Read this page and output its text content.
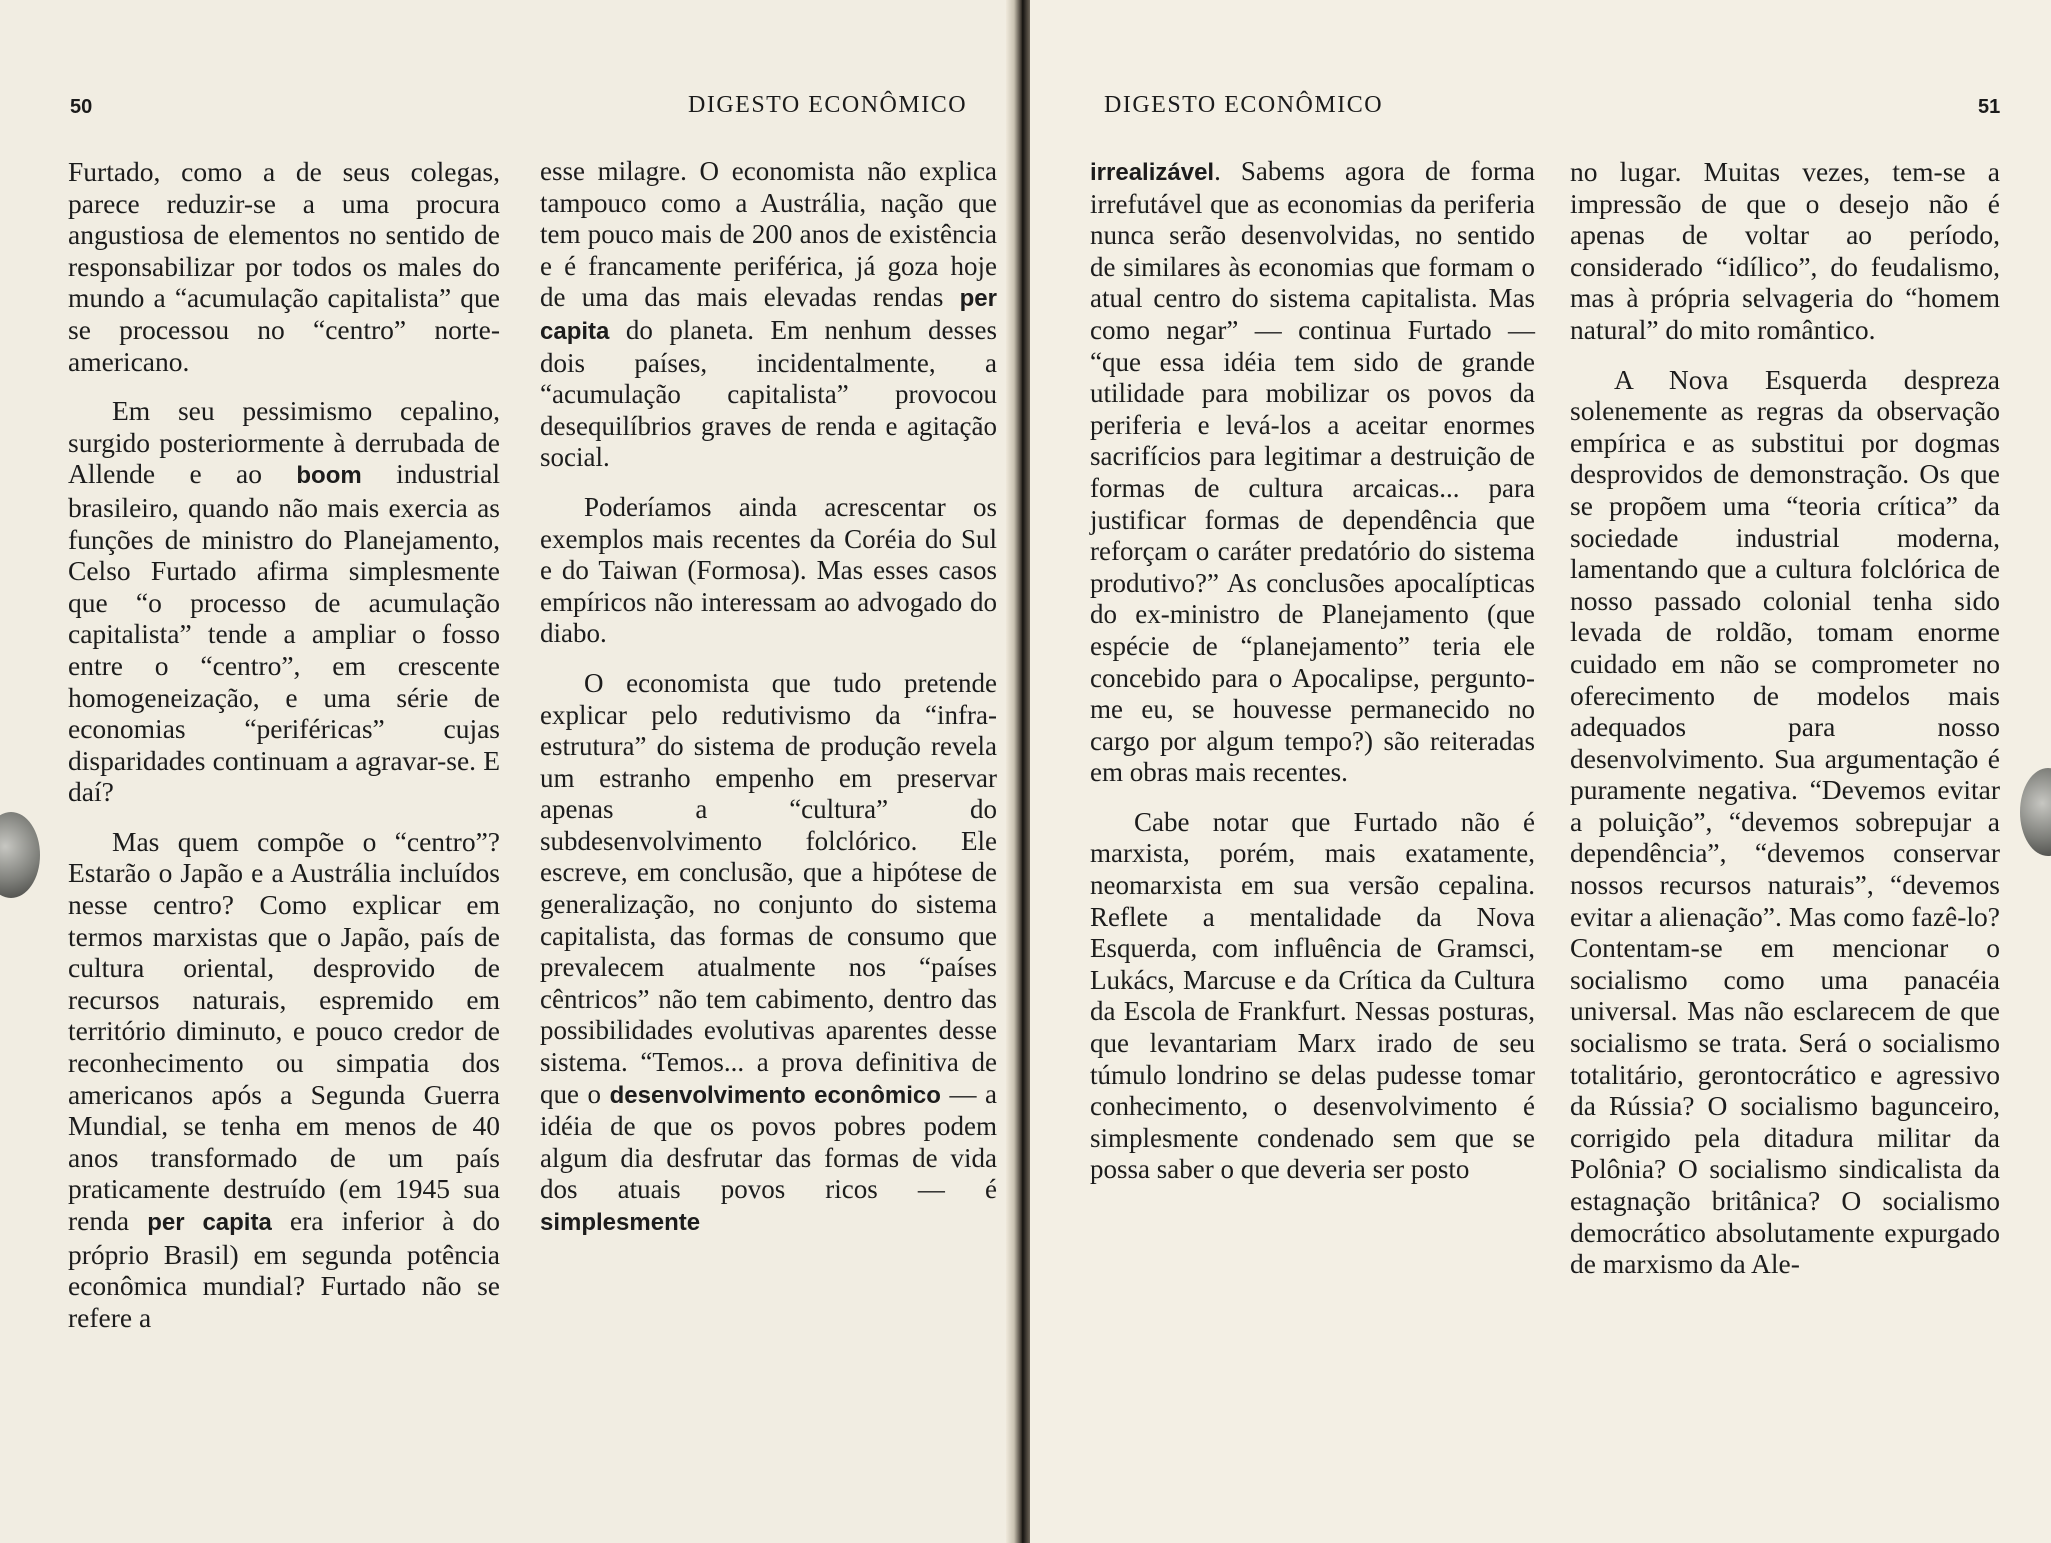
50	DIGESTO ECONÔMICO

Furtado, como a de seus colegas, parece reduzir-se a uma procura angustiosa de elementos no sentido de responsabilizar por todos os males do mundo a “acumulação capitalista” que se processou no “centro” norte-americano.

Em seu pessimismo cepalino, surgido posteriormente à derrubada de Allende e ao boom industrial brasileiro, quando não mais exercia as funções de ministro do Planejamento, Celso Furtado afirma simplesmente que “o processo de acumulação capitalista” tende a ampliar o fosso entre o “centro”, em crescente homogeneização, e uma série de economias “periféricas” cujas disparidades continuam a agravar-se. E daí?

Mas quem compõe o “centro”? Estarão o Japão e a Austrália incluídos nesse centro? Como explicar em termos marxistas que o Japão, país de cultura oriental, desprovido de recursos naturais, espremido em território diminuto, e pouco credor de reconhecimento ou simpatia dos americanos após a Segunda Guerra Mundial, se tenha em menos de 40 anos transformado de um país praticamente destruído (em 1945 sua renda per capita era inferior à do próprio Brasil) em segunda potência econômica mundial? Furtado não se refere a

esse milagre. O economista não explica tampouco como a Austrália, nação que tem pouco mais de 200 anos de existência e é francamente periférica, já goza hoje de uma das mais elevadas rendas per capita do planeta. Em nenhum desses dois países, incidentalmente, a “acumulação capitalista” provocou desequilíbrios graves de renda e agitação social.

Poderíamos ainda acrescentar os exemplos mais recentes da Coréia do Sul e do Taiwan (Formosa). Mas esses casos empíricos não interessam ao advogado do diabo.

O economista que tudo pretende explicar pelo redutivismo da “infra-estrutura” do sistema de produção revela um estranho empenho em preservar apenas a “cultura” do subdesenvolvimento folclórico. Ele escreve, em conclusão, que a hipótese de generalização, no conjunto do sistema capitalista, das formas de consumo que prevalecem atualmente nos “países cêntricos” não tem cabimento, dentro das possibilidades evolutivas aparentes desse sistema. “Temos... a prova definitiva de que o desenvolvimento econômico — a idéia de que os povos pobres podem algum dia desfrutar das formas de vida dos atuais povos ricos — é simplesmente

DIGESTO ECONÔMICO	51

irrealizável. Sabems agora de forma irrefutável que as economias da periferia nunca serão desenvolvidas, no sentido de similares às economias que formam o atual centro do sistema capitalista. Mas como negar” — continua Furtado — “que essa idéia tem sido de grande utilidade para mobilizar os povos da periferia e levá-los a aceitar enormes sacrifícios para legitimar a destruição de formas de cultura arcaicas... para justificar formas de dependência que reforçam o caráter predatório do sistema produtivo?” As conclusões apocalípticas do ex-ministro de Planejamento (que espécie de “planejamento” teria ele concebido para o Apocalipse, pergunto-me eu, se houvesse permanecido no cargo por algum tempo?) são reiteradas em obras mais recentes.

Cabe notar que Furtado não é marxista, porém, mais exatamente, neomarxista em sua versão cepalina. Reflete a mentalidade da Nova Esquerda, com influência de Gramsci, Lukács, Marcuse e da Crítica da Cultura da Escola de Frankfurt. Nessas posturas, que levantariam Marx irado de seu túmulo londrino se delas pudesse tomar conhecimento, o desenvolvimento é simplesmente condenado sem que se possa saber o que deveria ser posto

no lugar. Muitas vezes, tem-se a impressão de que o desejo não é apenas de voltar ao período, considerado “idílico”, do feudalismo, mas à própria selvageria do “homem natural” do mito romântico.

A Nova Esquerda despreza solenemente as regras da observação empírica e as substitui por dogmas desprovidos de demonstração. Os que se propõem uma “teoria crítica” da sociedade industrial moderna, lamentando que a cultura folclórica de nosso passado colonial tenha sido levada de roldão, tomam enorme cuidado em não se comprometer no oferecimento de modelos mais adequados para nosso desenvolvimento. Sua argumentação é puramente negativa. “Devemos evitar a poluição”, “devemos sobrepujar a dependência”, “devemos conservar nossos recursos naturais”, “devemos evitar a alienação”. Mas como fazê-lo? Contentam-se em mencionar o socialismo como uma panacéia universal. Mas não esclarecem de que socialismo se trata. Será o socialismo totalitário, gerontocrático e agressivo da Rússia? O socialismo bagunceiro, corrigido pela ditadura militar da Polônia? O socialismo sindicalista da estagnação britânica? O socialismo democrático absolutamente expurgado de marxismo da Ale-
